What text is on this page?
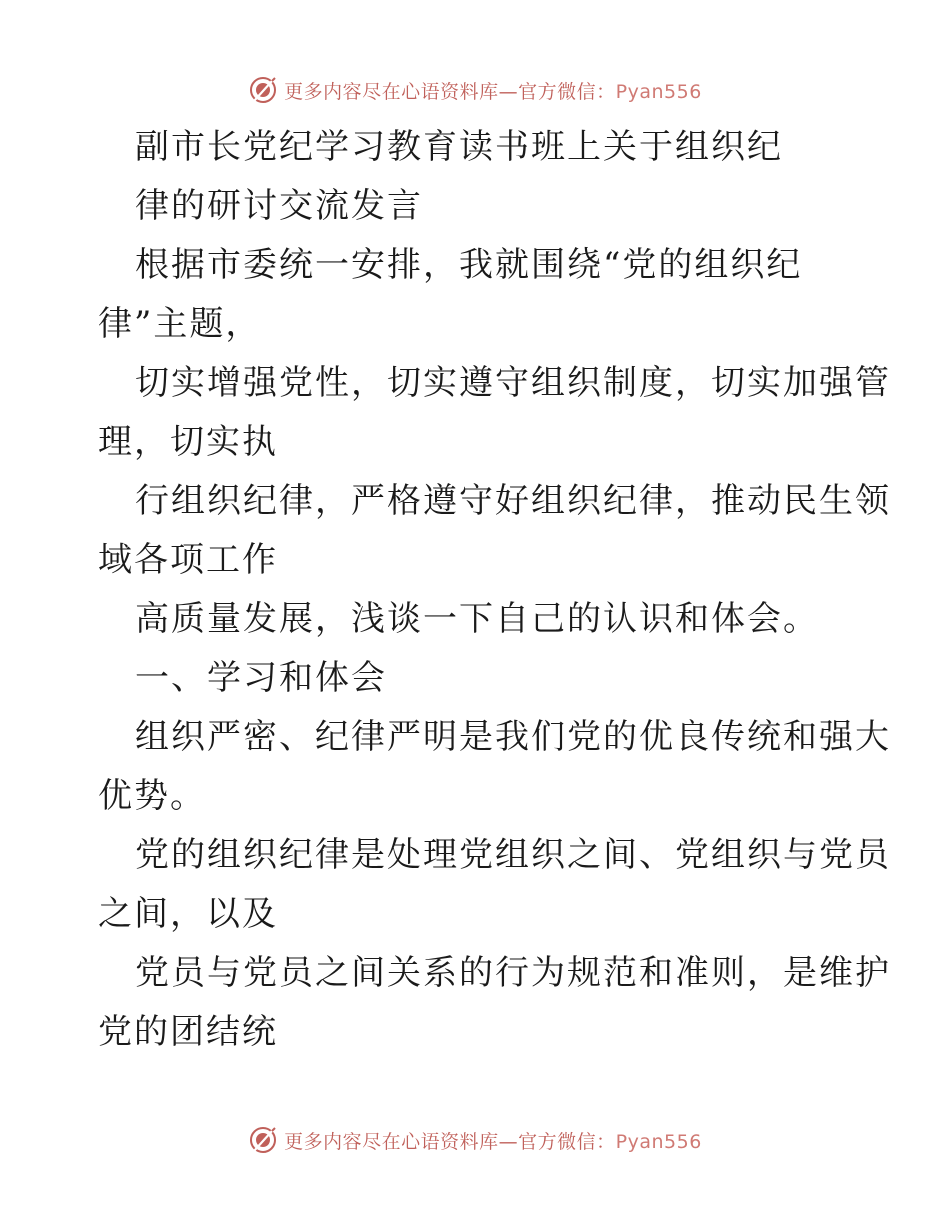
更多内容尽在心语资料库—官方微信：Pyan556
副市长党纪学习教育读书班上关于组织纪
律的研讨交流发言
根据市委统一安排，我就围绕“党的组织纪
律”主题，
切实增强党性，切实遵守组织制度，切实加强管
理，切实执
行组织纪律，严格遵守好组织纪律，推动民生领
域各项工作
高质量发展，浅谈一下自己的认识和体会。
一、学习和体会
组织严密、纪律严明是我们党的优良传统和强大
优势。
党的组织纪律是处理党组织之间、党组织与党员
之间，以及
党员与党员之间关系的行为规范和准则，是维护
党的团结统
更多内容尽在心语资料库—官方微信：Pyan556
